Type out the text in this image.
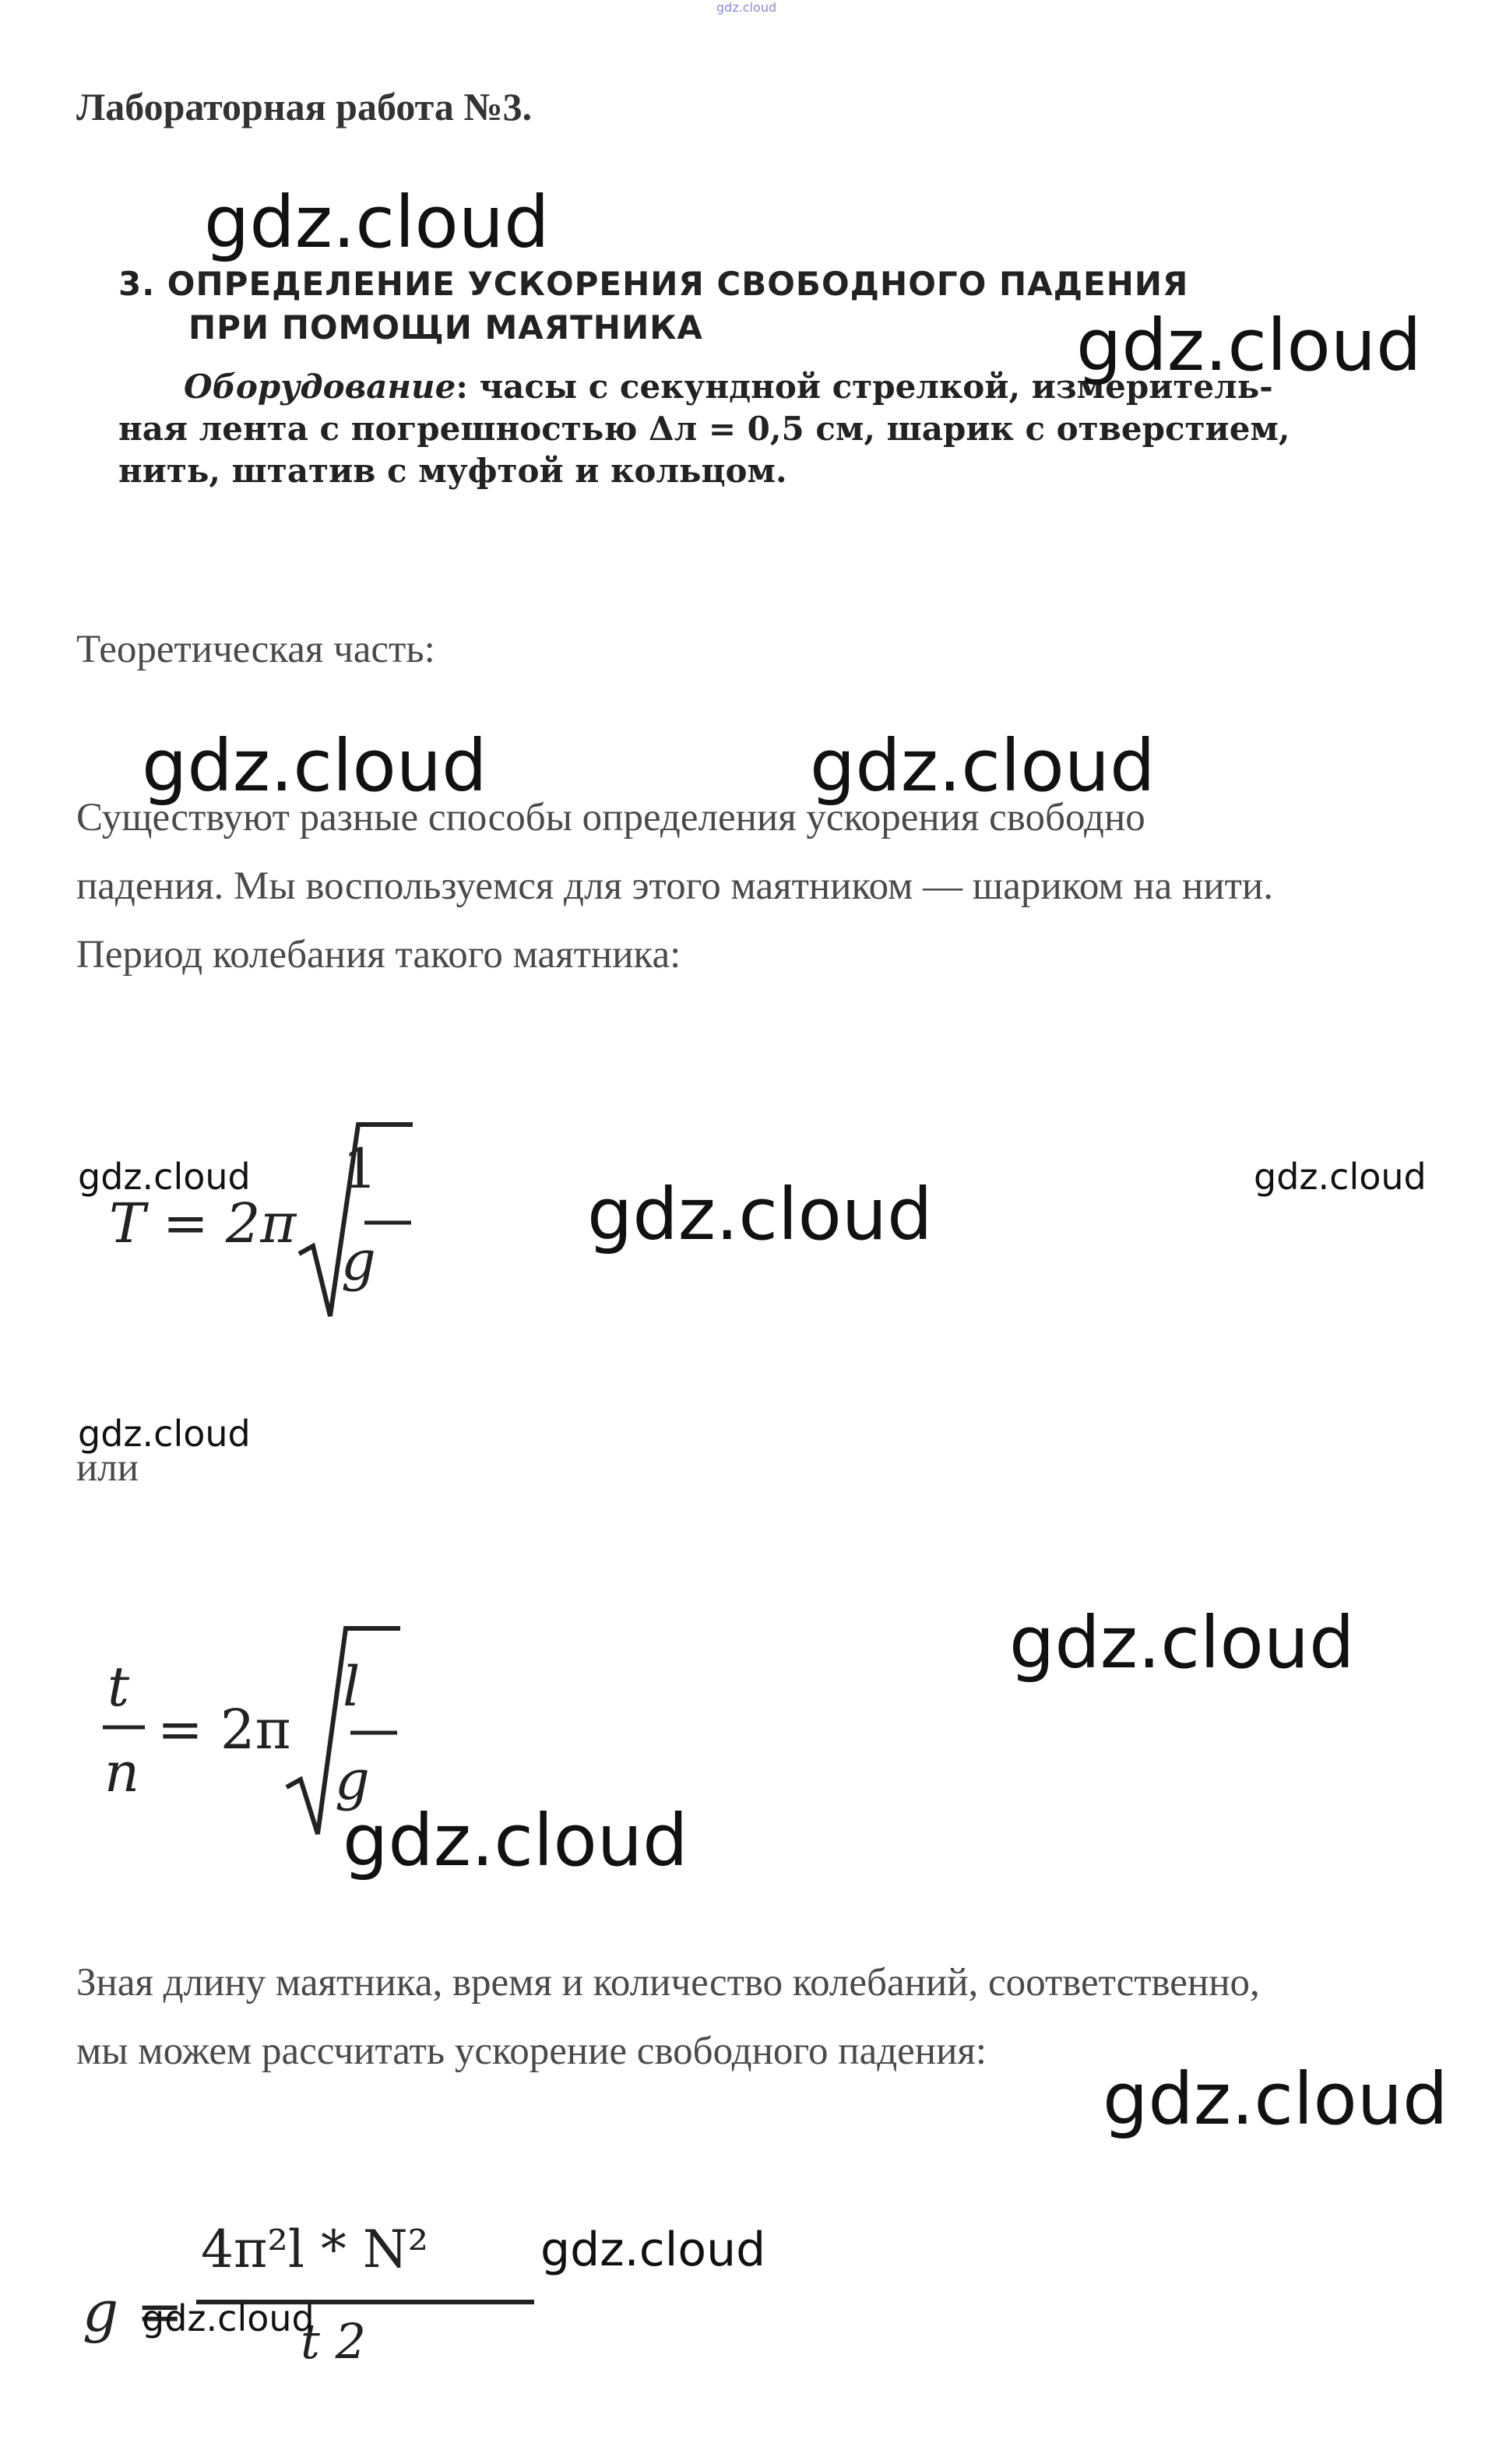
gdz.cloud
Лабораторная работа №3.
3. ОПРЕДЕЛЕНИЕ УСКОРЕНИЯ СВОБОДНОГО ПАДЕНИЯ
ПРИ ПОМОЩИ МАЯТНИКА
Оборудование: часы с секундной стрелкой, измеритель-
ная лента с погрешностью Δл = 0,5 см, шарик с отверстием,
нить, штатив с муфтой и кольцом.
Теоретическая часть:
Существуют разные способы определения ускорения свободно
падения. Мы воспользуемся для этого маятником — шариком на нити.
Период колебания такого маятника:
T = 2π
1
g
или
t
n
= 2π
l
g
Зная длину маятника, время и количество колебаний, соответственно,
мы можем рассчитать ускорение свободного падения:
g =
4π²l * N²
t 2
gdz.cloud
gdz.cloud
gdz.cloud	gdz.cloud
gdz.cloud	gdz.cloud	gdz.cloud
gdz.cloud
gdz.cloud
gdz.cloud
gdz.cloud
gdz.cloud
gdz.cloud
